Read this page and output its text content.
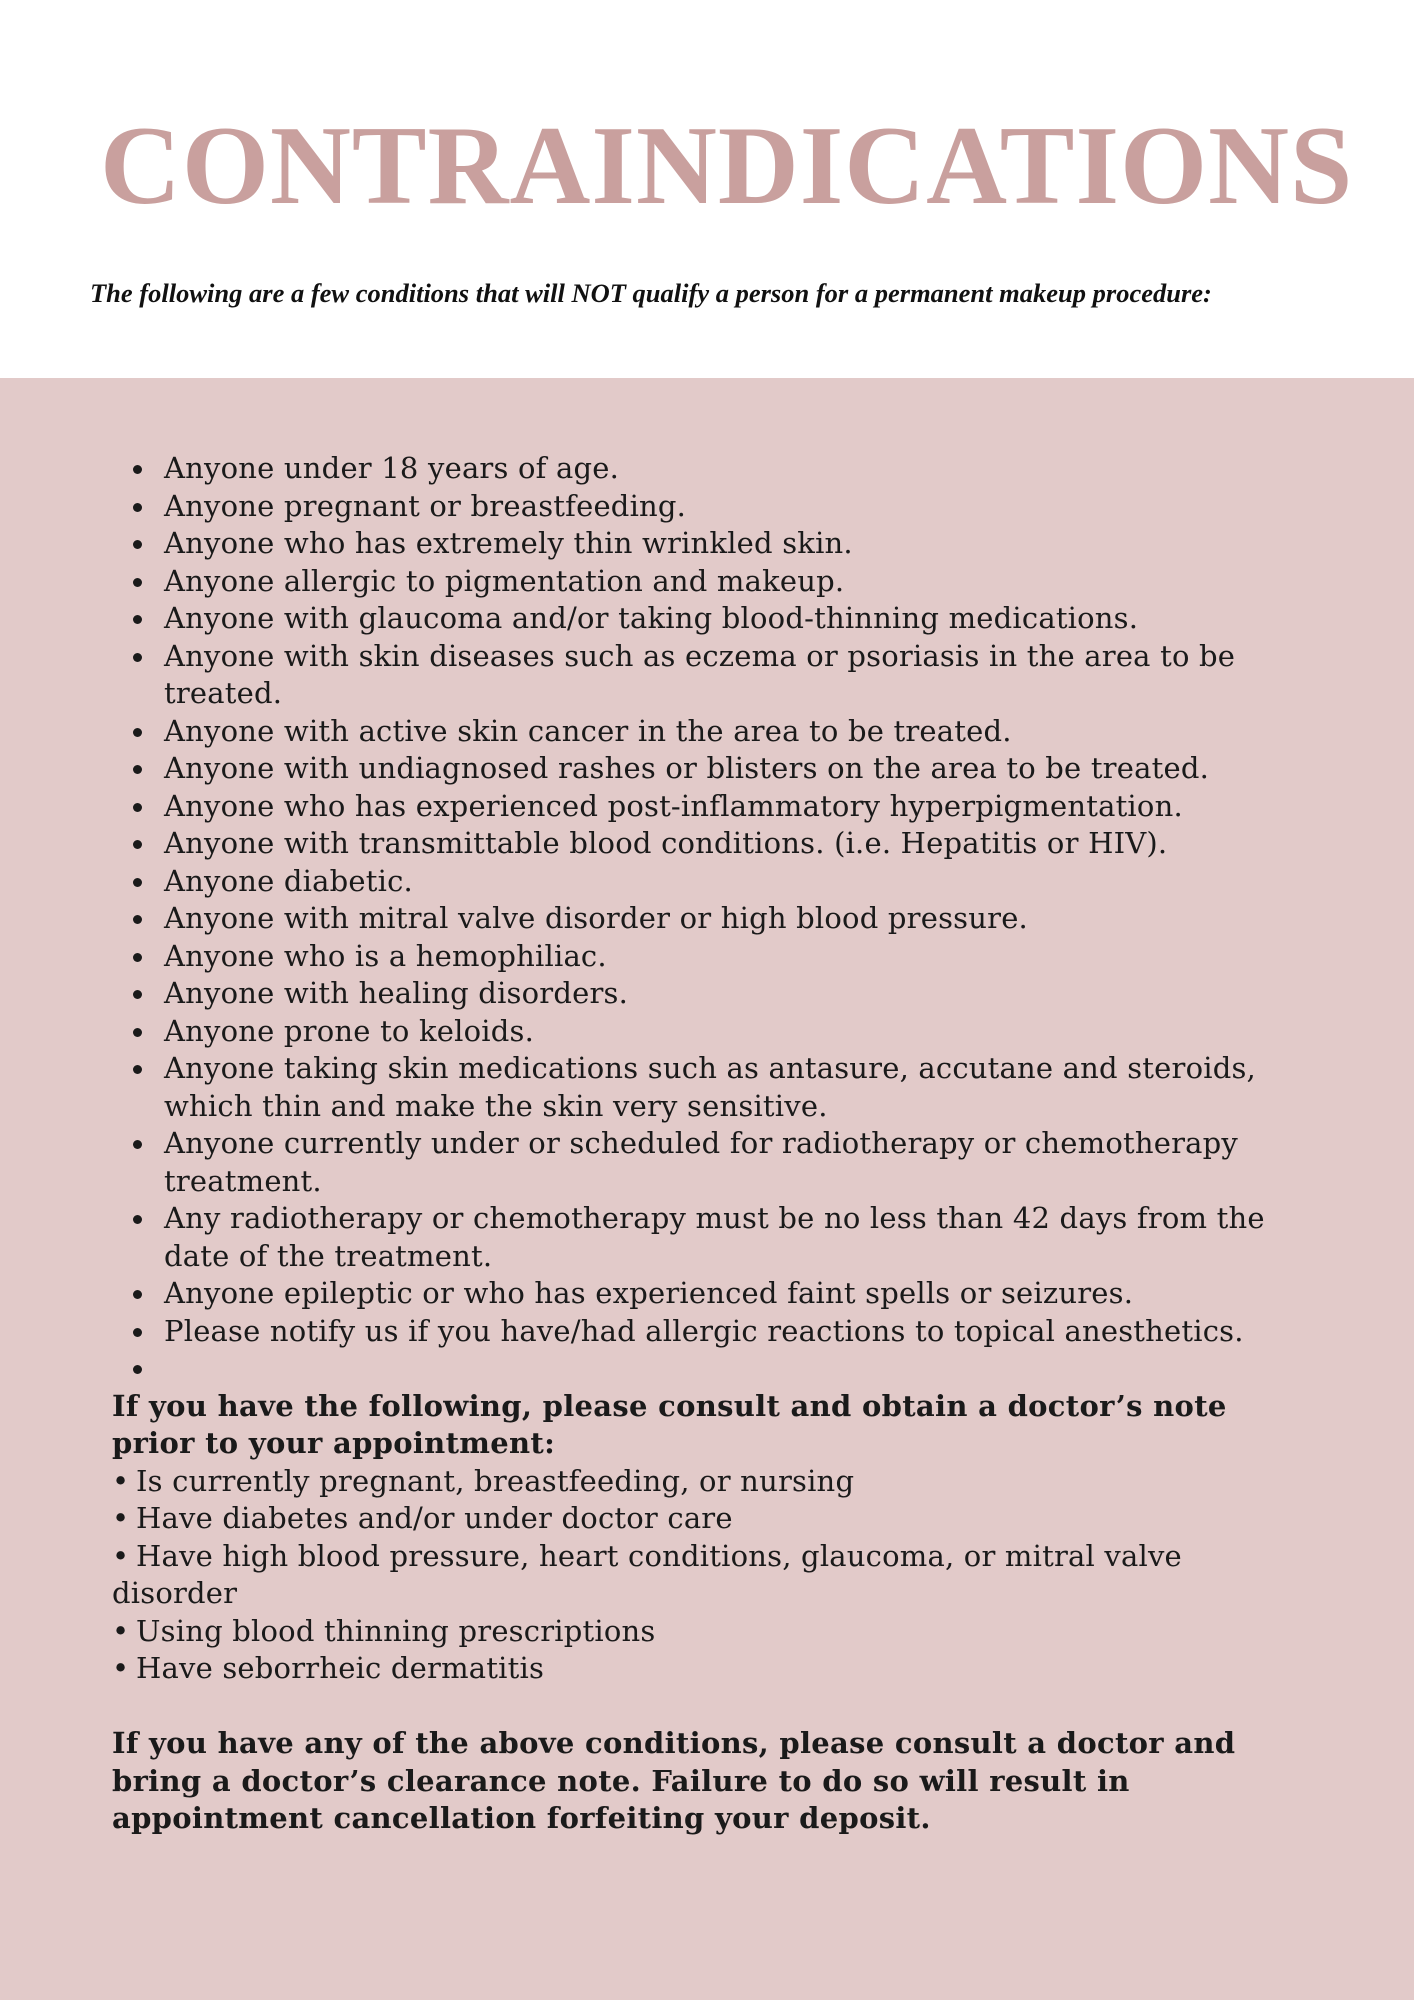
CONTRAINDICATIONS

The following are a few conditions that will NOT qualify a person for a permanent makeup procedure:

Anyone under 18 years of age.
Anyone pregnant or breastfeeding.
Anyone who has extremely thin wrinkled skin.
Anyone allergic to pigmentation and makeup.
Anyone with glaucoma and/or taking blood-thinning medications.
Anyone with skin diseases such as eczema or psoriasis in the area to be treated.
Anyone with active skin cancer in the area to be treated.
Anyone with undiagnosed rashes or blisters on the area to be treated.
Anyone who has experienced post-inflammatory hyperpigmentation.
Anyone with transmittable blood conditions. (i.e. Hepatitis or HIV).
Anyone diabetic.
Anyone with mitral valve disorder or high blood pressure.
Anyone who is a hemophiliac.
Anyone with healing disorders.
Anyone prone to keloids.
Anyone taking skin medications such as antasure, accutane and steroids, which thin and make the skin very sensitive.
Anyone currently under or scheduled for radiotherapy or chemotherapy treatment.
Any radiotherapy or chemotherapy must be no less than 42 days from the date of the treatment.
Anyone epileptic or who has experienced faint spells or seizures.
Please notify us if you have/had allergic reactions to topical anesthetics.

If you have the following, please consult and obtain a doctor’s note prior to your appointment:

• Is currently pregnant, breastfeeding, or nursing
• Have diabetes and/or under doctor care
• Have high blood pressure, heart conditions, glaucoma, or mitral valve disorder
• Using blood thinning prescriptions
• Have seborrheic dermatitis

If you have any of the above conditions, please consult a doctor and bring a doctor’s clearance note. Failure to do so will result in appointment cancellation forfeiting your deposit.
